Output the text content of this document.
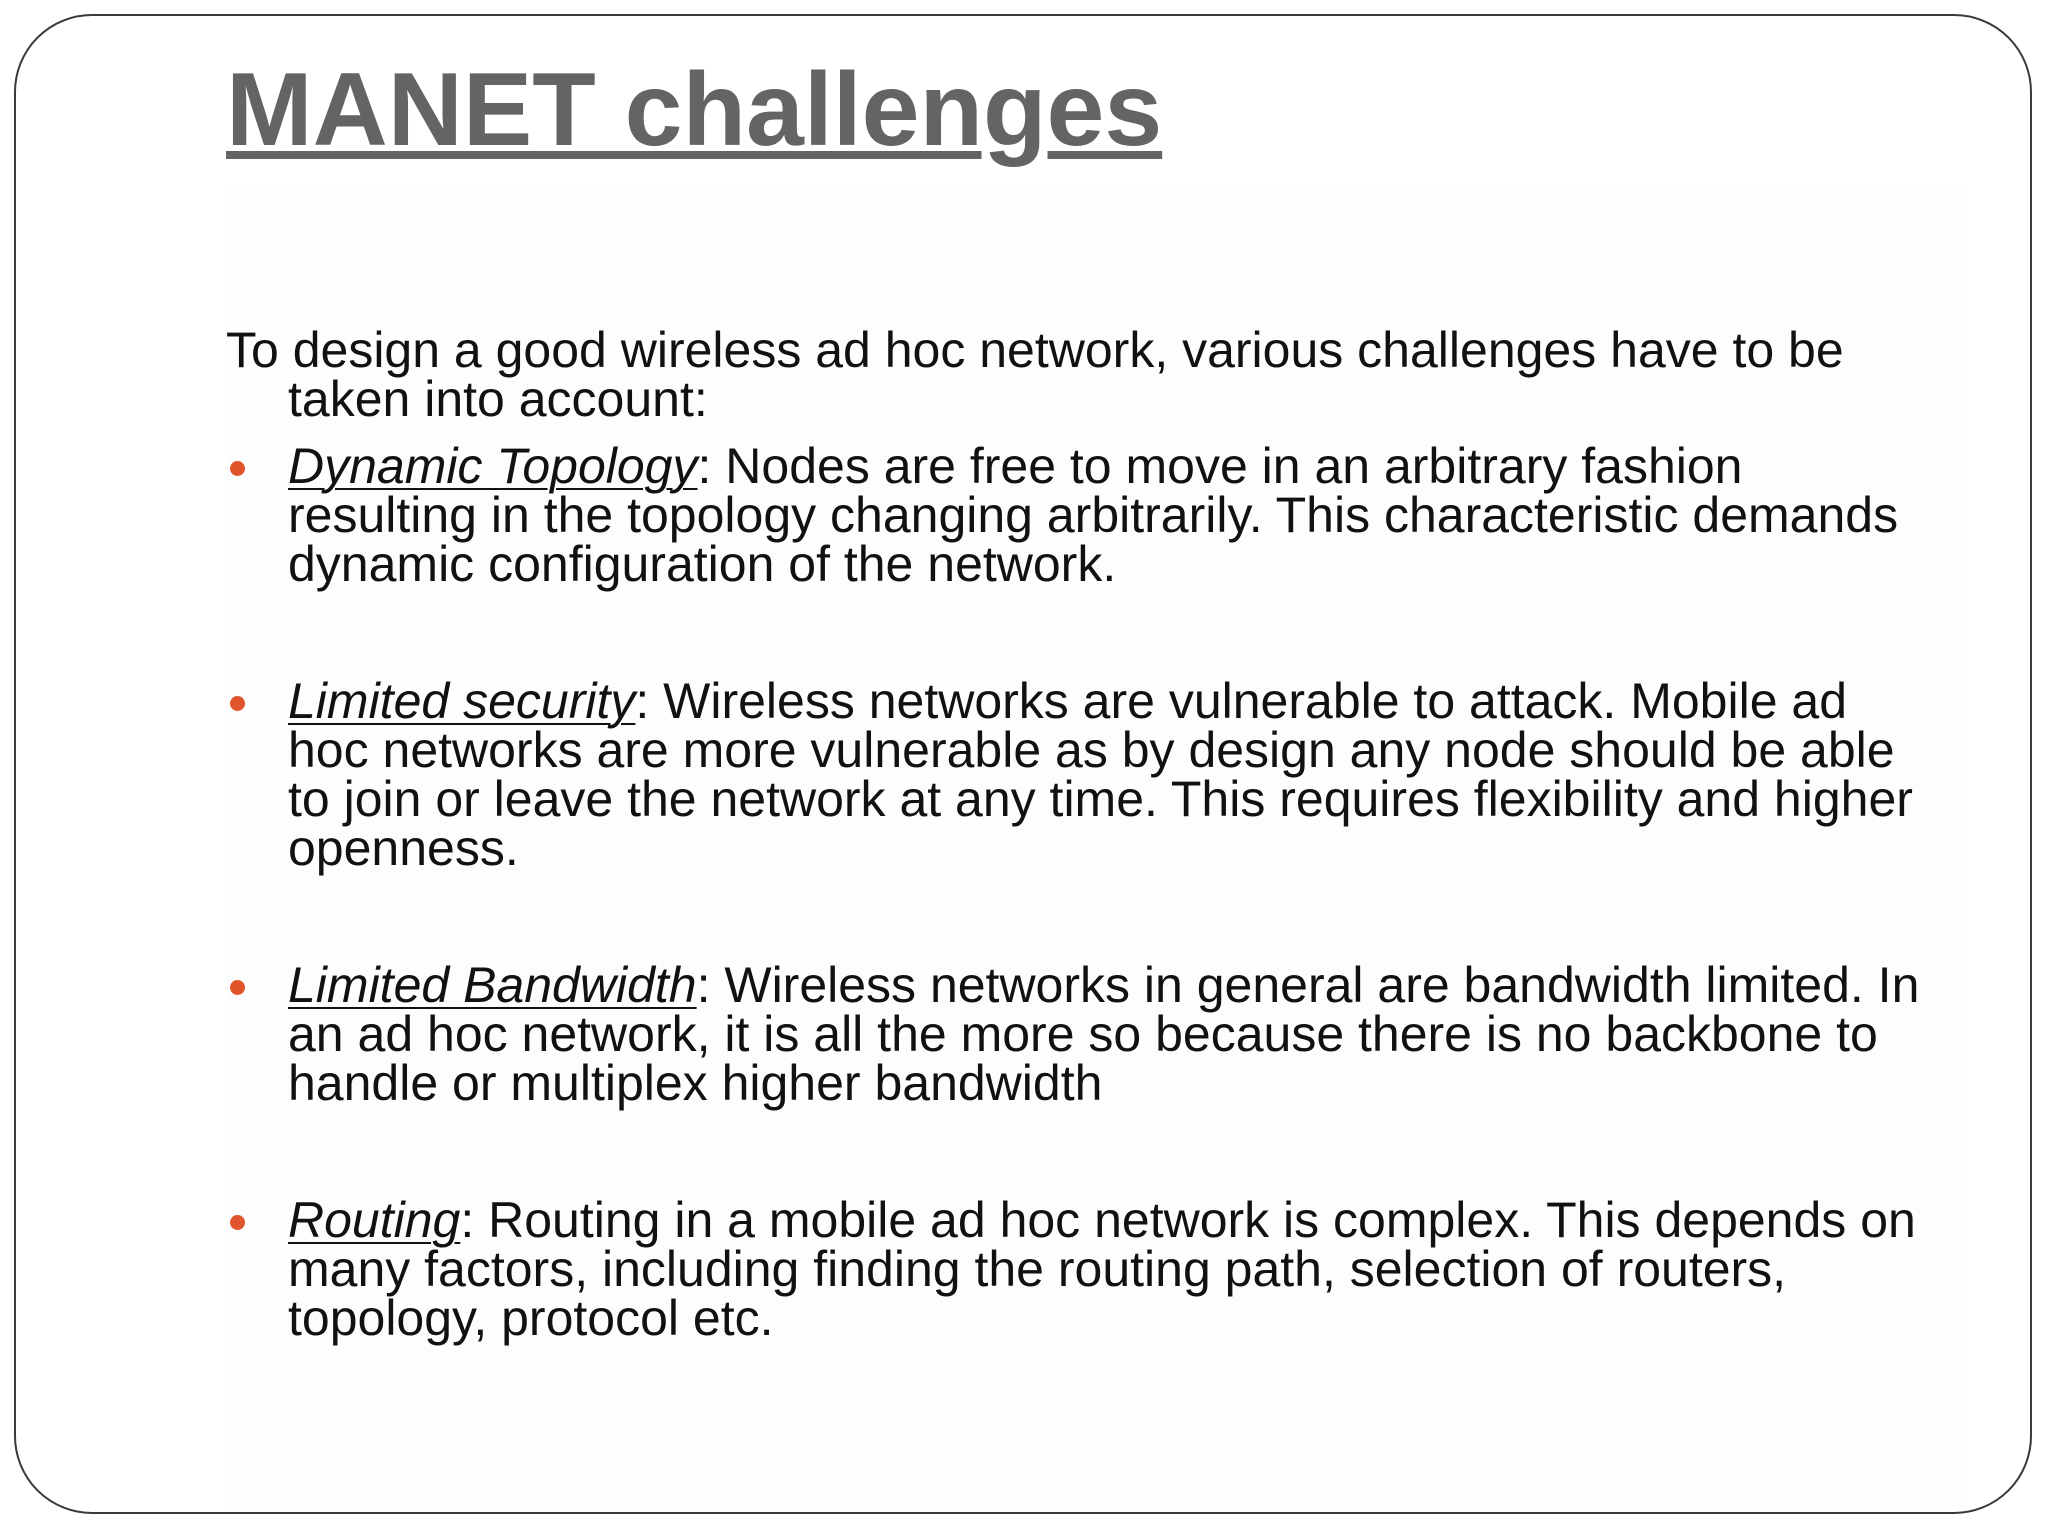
MANET challenges

To design a good wireless ad hoc network, various challenges have to be taken into account:

Dynamic Topology: Nodes are free to move in an arbitrary fashion resulting in the topology changing arbitrarily. This characteristic demands dynamic configuration of the network.
Limited security: Wireless networks are vulnerable to attack. Mobile ad hoc networks are more vulnerable as by design any node should be able to join or leave the network at any time. This requires flexibility and higher openness.
Limited Bandwidth: Wireless networks in general are bandwidth limited. In an ad hoc network, it is all the more so because there is no backbone to handle or multiplex higher bandwidth
Routing: Routing in a mobile ad hoc network is complex. This depends on many factors, including finding the routing path, selection of routers, topology, protocol etc.
